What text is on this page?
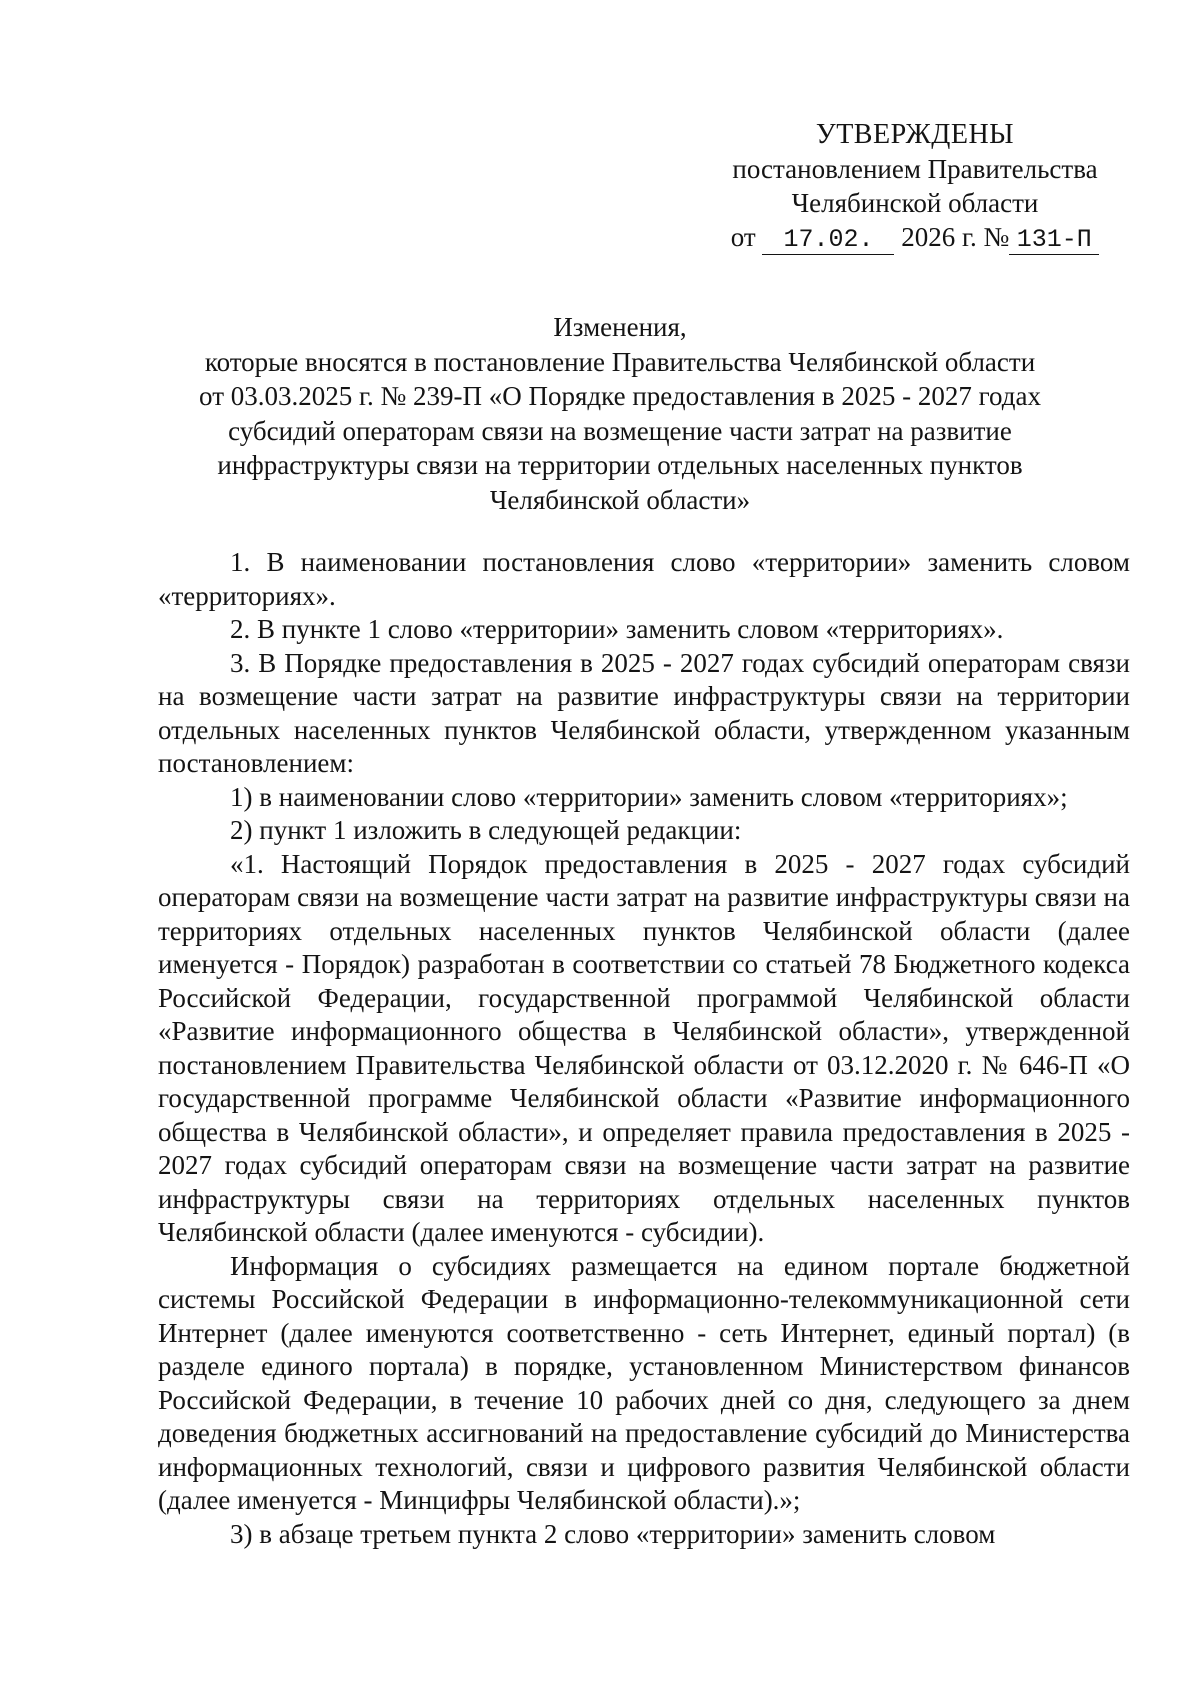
УТВЕРЖДЕНЫ
постановлением Правительства
Челябинской области
от 17.02. 2026 г. № 131-П
Изменения,
которые вносятся в постановление Правительства Челябинской области
от 03.03.2025 г. № 239-П «О Порядке предоставления в 2025 - 2027 годах
субсидий операторам связи на возмещение части затрат на развитие
инфраструктуры связи на территории отдельных населенных пунктов
Челябинской области»

1. В наименовании постановления слово «территории» заменить словом «территориях».

2. В пункте 1 слово «территории» заменить словом «территориях».

3. В Порядке предоставления в 2025 - 2027 годах субсидий операторам связи на возмещение части затрат на развитие инфраструктуры связи на территории отдельных населенных пунктов Челябинской области, утвержденном указанным постановлением:

1) в наименовании слово «территории» заменить словом «территориях»;

2) пункт 1 изложить в следующей редакции:

«1. Настоящий Порядок предоставления в 2025 - 2027 годах субсидий операторам связи на возмещение части затрат на развитие инфраструктуры связи на территориях отдельных населенных пунктов Челябинской области (далее именуется - Порядок) разработан в соответствии со статьей 78 Бюджетного кодекса Российской Федерации, государственной программой Челябинской области «Развитие информационного общества в Челябинской области», утвержденной постановлением Правительства Челябинской области от 03.12.2020 г. № 646-П «О государственной программе Челябинской области «Развитие информационного общества в Челябинской области», и определяет правила предоставления в 2025 - 2027 годах субсидий операторам связи на возмещение части затрат на развитие инфраструктуры связи на территориях отдельных населенных пунктов Челябинской области (далее именуются - субсидии).

Информация о субсидиях размещается на едином портале бюджетной системы Российской Федерации в информационно-телекоммуникационной сети Интернет (далее именуются соответственно - сеть Интернет, единый портал) (в разделе единого портала) в порядке, установленном Министерством финансов Российской Федерации, в течение 10 рабочих дней со дня, следующего за днем доведения бюджетных ассигнований на предоставление субсидий до Министерства информационных технологий, связи и цифрового развития Челябинской области (далее именуется - Минцифры Челябинской области).»;

3) в абзаце третьем пункта 2 слово «территории» заменить словом
